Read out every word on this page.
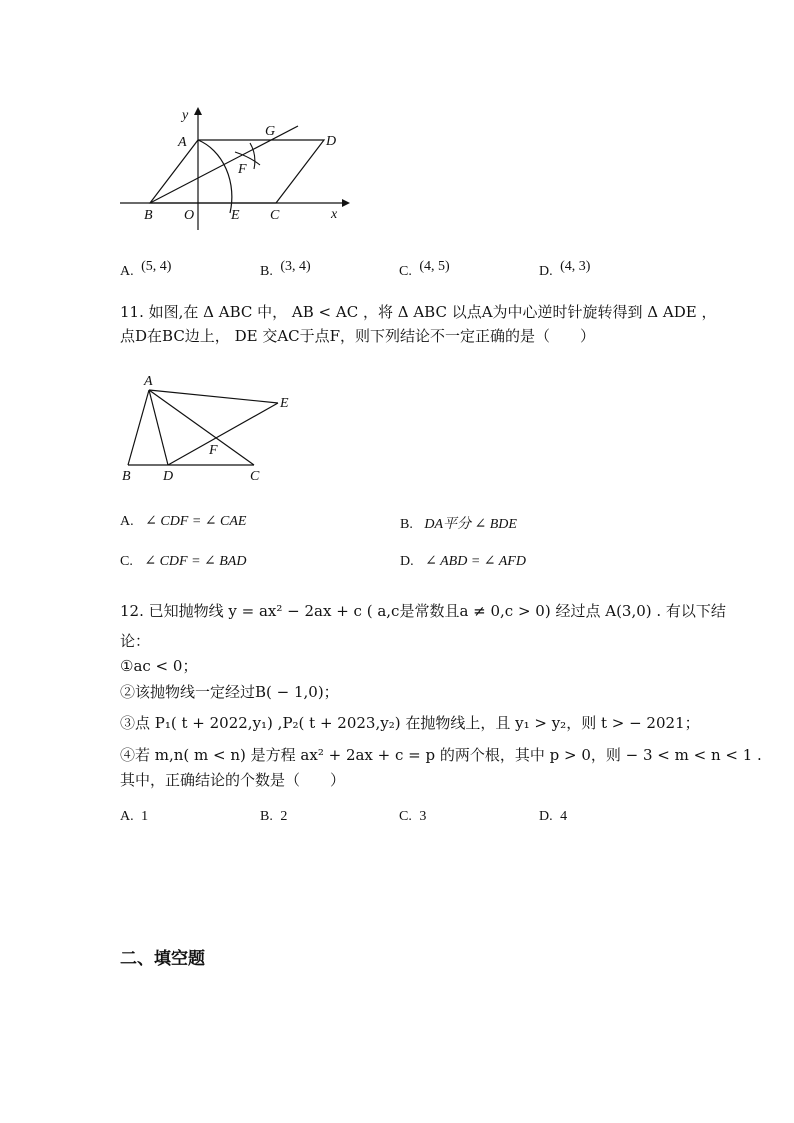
y
A
G
D
F
B O	E C	x
A. (5, 4)	B. (3, 4)	C. (4, 5)	D. (4, 3)
11. 如图,在 Δ ABC 中， AB < AC ，将 Δ ABC 以点A为中心逆时针旋转得到 Δ ADE ，
点D在BC边上， DE 交AC于点F，则下列结论不一定正确的是（　　）
A
E
F
B D	C
A. ∠ CDF = ∠ CAE	B. DA平分 ∠ BDE
C. ∠ CDF = ∠ BAD	D. ∠ ABD = ∠ AFD
12. 已知抛物线 y = ax² − 2ax + c ( a,c是常数且a ≠ 0,c > 0) 经过点 A(3,0) . 有以下结
论：
①ac < 0；
②该抛物线一定经过B( − 1,0)；
③点 P₁( t + 2022,y₁) ,P₂( t + 2023,y₂) 在抛物线上，且 y₁ > y₂，则 t > − 2021；
④若 m,n( m < n) 是方程 ax² + 2ax + c = p 的两个根，其中 p > 0，则 − 3 < m < n < 1 .
其中，正确结论的个数是（　　）
A. 1	B. 2	C. 3	D. 4
二、填空题
